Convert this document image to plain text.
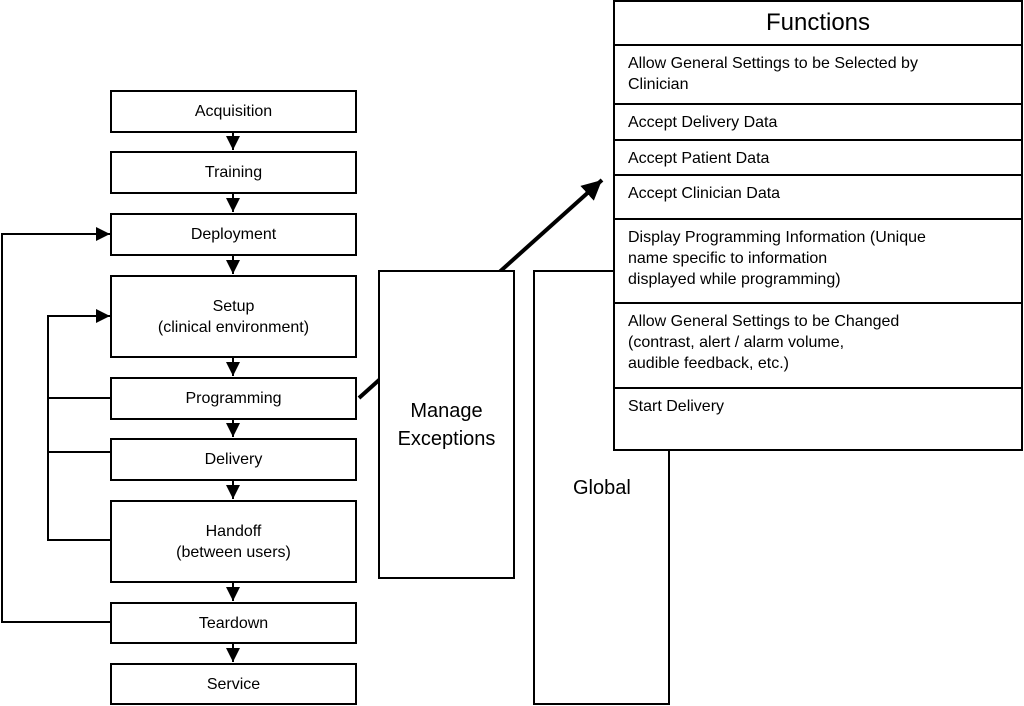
Acquisition
Training
Deployment
Setup
(clinical environment)
Programming
Delivery
Handoff
(between users)
Teardown
Service
Manage
Exceptions
Global
Functions
Allow General Settings to be Selected by
Clinician
Accept Delivery Data
Accept Patient Data
Accept Clinician Data
Display Programming Information (Unique
name specific to information
displayed while programming)
Allow General Settings to be Changed
(contrast, alert / alarm volume,
audible feedback, etc.)
Start Delivery
